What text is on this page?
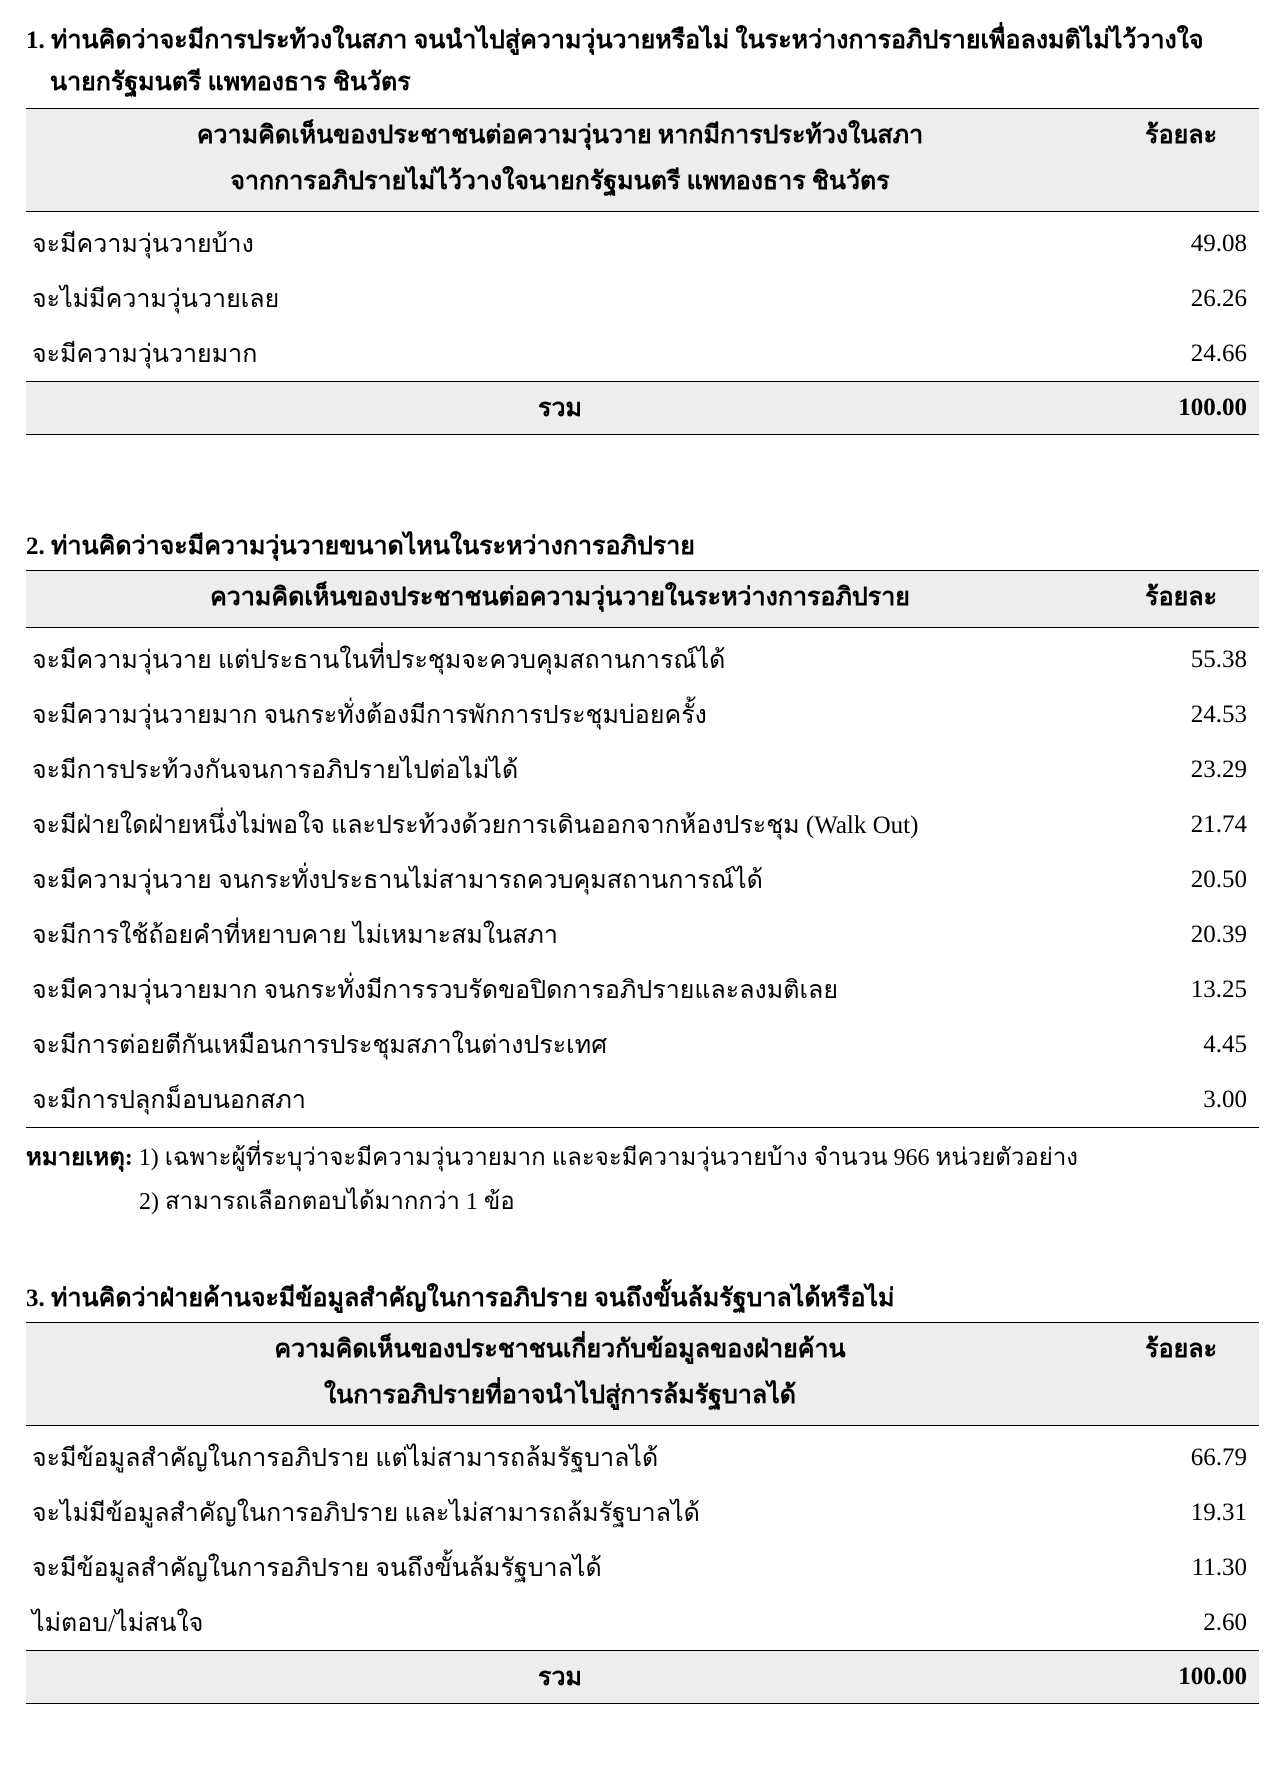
1. ท่านคิดว่าจะมีการประท้วงในสภา จนนำไปสู่ความวุ่นวายหรือไม่ ในระหว่างการอภิปรายเพื่อลงมติไม่ไว้วางใจ
นายกรัฐมนตรี แพทองธาร ชินวัตร
ความคิดเห็นของประชาชนต่อความวุ่นวาย หากมีการประท้วงในสภา
จากการอภิปรายไม่ไว้วางใจนายกรัฐมนตรี แพทองธาร ชินวัตร	ร้อยละ
จะมีความวุ่นวายบ้าง	49.08
จะไม่มีความวุ่นวายเลย	26.26
จะมีความวุ่นวายมาก	24.66
รวม	100.00
2. ท่านคิดว่าจะมีความวุ่นวายขนาดไหนในระหว่างการอภิปราย
ความคิดเห็นของประชาชนต่อความวุ่นวายในระหว่างการอภิปราย	ร้อยละ
จะมีความวุ่นวาย แต่ประธานในที่ประชุมจะควบคุมสถานการณ์ได้	55.38
จะมีความวุ่นวายมาก จนกระทั่งต้องมีการพักการประชุมบ่อยครั้ง	24.53
จะมีการประท้วงกันจนการอภิปรายไปต่อไม่ได้	23.29
จะมีฝ่ายใดฝ่ายหนึ่งไม่พอใจ และประท้วงด้วยการเดินออกจากห้องประชุม (Walk Out)	21.74
จะมีความวุ่นวาย จนกระทั่งประธานไม่สามารถควบคุมสถานการณ์ได้	20.50
จะมีการใช้ถ้อยคำที่หยาบคาย ไม่เหมาะสมในสภา	20.39
จะมีความวุ่นวายมาก จนกระทั่งมีการรวบรัดขอปิดการอภิปรายและลงมติเลย	13.25
จะมีการต่อยตีกันเหมือนการประชุมสภาในต่างประเทศ	4.45
จะมีการปลุกม็อบนอกสภา	3.00
หมายเหตุ: 1) เฉพาะผู้ที่ระบุว่าจะมีความวุ่นวายมาก และจะมีความวุ่นวายบ้าง จำนวน 966 หน่วยตัวอย่าง
2) สามารถเลือกตอบได้มากกว่า 1 ข้อ
3. ท่านคิดว่าฝ่ายค้านจะมีข้อมูลสำคัญในการอภิปราย จนถึงขั้นล้มรัฐบาลได้หรือไม่
ความคิดเห็นของประชาชนเกี่ยวกับข้อมูลของฝ่ายค้าน
ในการอภิปรายที่อาจนำไปสู่การล้มรัฐบาลได้	ร้อยละ
จะมีข้อมูลสำคัญในการอภิปราย แต่ไม่สามารถล้มรัฐบาลได้	66.79
จะไม่มีข้อมูลสำคัญในการอภิปราย และไม่สามารถล้มรัฐบาลได้	19.31
จะมีข้อมูลสำคัญในการอภิปราย จนถึงขั้นล้มรัฐบาลได้	11.30
ไม่ตอบ/ไม่สนใจ	2.60
รวม	100.00
